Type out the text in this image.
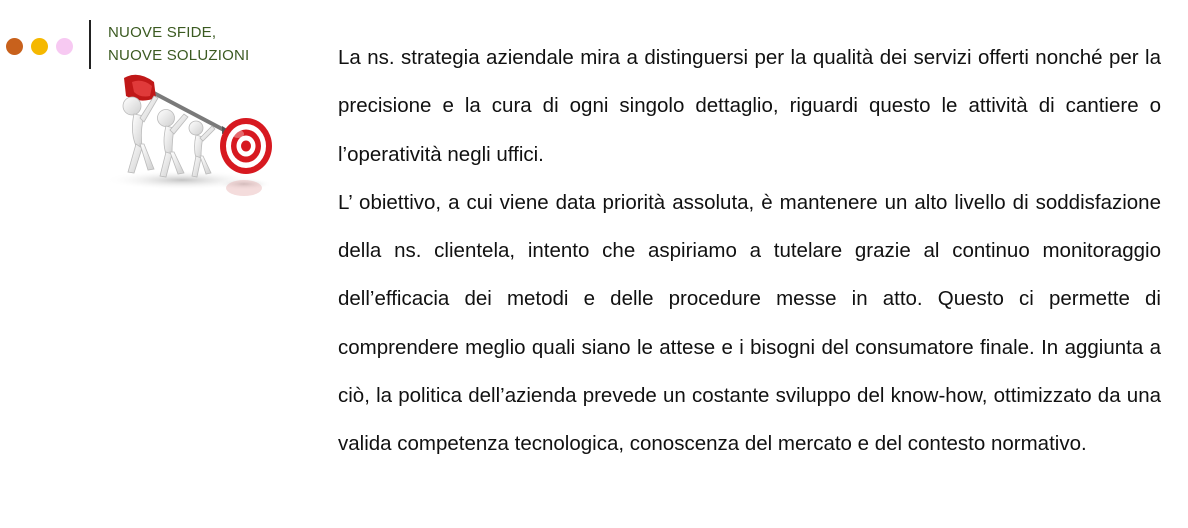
NUOVE SFIDE,
NUOVE SOLUZIONI	La ns. strategia aziendale mira a distinguersi per la qualità dei servizi offerti nonché per la precisione e la cura di ogni singolo dettaglio, riguardi questo le attività di cantiere o l’operatività negli uffici.

L’ obiettivo, a cui viene data priorità assoluta, è mantenere un alto livello di soddisfazione della ns. clientela, intento che aspiriamo a tutelare grazie al continuo monitoraggio dell’efficacia dei metodi e delle procedure messe in atto. Questo ci permette di comprendere meglio quali siano le attese e i bisogni del consumatore finale. In aggiunta a ciò, la politica dell’azienda prevede un costante sviluppo del know-how, ottimizzato da una valida competenza tecnologica, conoscenza del mercato e del contesto normativo.
